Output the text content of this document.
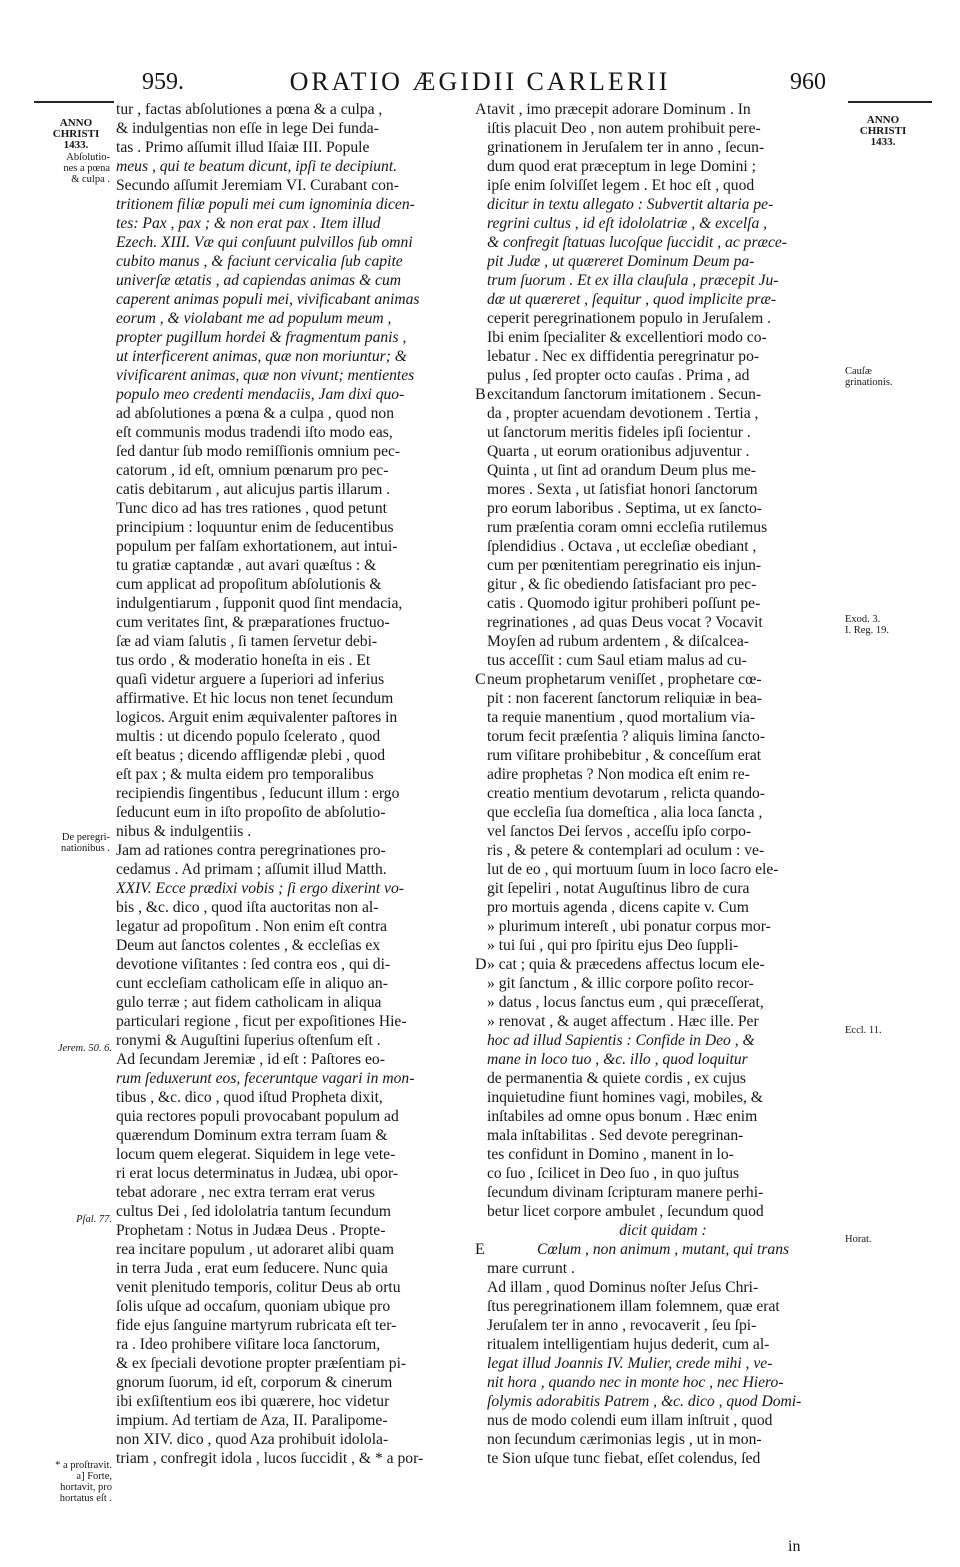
959.	ORATIO ÆGIDII CARLERII	960
tur , factas abſolutiones a pœna & a culpa ,
& indulgentias non eſſe in lege Dei funda-
tas . Primo aſſumit illud Iſaiæ III. Popule
meus , qui te beatum dicunt, ipſi te decipiunt.
Secundo aſſumit Jeremiam VI. Curabant con-
tritionem filiæ populi mei cum ignominia dicen-
tes: Pax , pax ; & non erat pax . Item illud
Ezech. XIII. Væ qui conſuunt pulvillos ſub omni
cubito manus , & faciunt cervicalia ſub capite
univerſæ ætatis , ad capiendas animas & cum
caperent animas populi mei, vivificabant animas
eorum , & violabant me ad populum meum ,
propter pugillum hordei & fragmentum panis ,
ut interficerent animas, quæ non moriuntur; &
vivificarent animas, quæ non vivunt; mentientes
populo meo credenti mendaciis, Jam dixi quo-
ad abſolutiones a pœna & a culpa , quod non
eſt communis modus tradendi iſto modo eas,
ſed dantur ſub modo remiſſionis omnium pec-
catorum , id eſt, omnium pœnarum pro pec-
catis debitarum , aut alicujus partis illarum .
Tunc dico ad has tres rationes , quod petunt
principium : loquuntur enim de ſeducentibus
populum per falſam exhortationem, aut intui-
tu gratiæ captandæ , aut avari quæſtus : &
cum applicat ad propoſitum abſolutionis &
indulgentiarum , ſupponit quod ſint mendacia,
cum veritates ſint, & præparationes fructuo-
ſæ ad viam ſalutis , ſi tamen ſervetur debi-
tus ordo , & moderatio honeſta in eis . Et
quaſi videtur arguere a ſuperiori ad inferius
affirmative. Et hic locus non tenet ſecundum
logicos. Arguit enim æquivalenter paſtores in
multis : ut dicendo populo ſcelerato , quod
eſt beatus ; dicendo affligendæ plebi , quod
eſt pax ; & multa eidem pro temporalibus
recipiendis ſingentibus , ſeducunt illum : ergo
ſeducunt eum in iſto propoſito de abſolutio-
nibus & indulgentiis .
Jam ad rationes contra peregrinationes pro-
cedamus . Ad primam ; aſſumit illud Matth.
XXIV. Ecce prædixi vobis ; ſi ergo dixerint vo-
bis , &c. dico , quod iſta auctoritas non al-
legatur ad propoſitum . Non enim eſt contra
Deum aut ſanctos colentes , & eccleſias ex
devotione viſitantes : ſed contra eos , qui di-
cunt eccleſiam catholicam eſſe in aliquo an-
gulo terræ ; aut fidem catholicam in aliqua
particulari regione , ficut per expoſitiones Hie-
ronymi & Auguſtini ſuperius oſtenſum eſt .
Ad ſecundam Jeremiæ , id eſt : Paſtores eo-
rum ſeduxerunt eos, feceruntque vagari in mon-
tibus , &c. dico , quod iſtud Propheta dixit,
quia rectores populi provocabant populum ad
quærendum Dominum extra terram ſuam &
locum quem elegerat. Siquidem in lege vete-
ri erat locus determinatus in Judæa, ubi opor-
tebat adorare , nec extra terram erat verus
cultus Dei , ſed idololatria tantum ſecundum
Prophetam : Notus in Judæa Deus . Propte-
rea incitare populum , ut adoraret alibi quam
in terra Juda , erat eum ſeducere. Nunc quia
venit plenitudo temporis, colitur Deus ab ortu
ſolis uſque ad occaſum, quoniam ubique pro
fide ejus ſanguine martyrum rubricata eſt ter-
ra . Ideo prohibere viſitare loca ſanctorum,
& ex ſpeciali devotione propter præſentiam pi-
gnorum ſuorum, id eſt, corporum & cinerum
ibi exſiſtentium eos ibi quærere, hoc videtur
impium. Ad tertiam de Aza, II. Paralipome-
non XIV. dico , quod Aza prohibuit idolola-
triam , confregit idola , lucos ſuccidit , & * a por-
tavit , imo præcepit adorare Dominum . In
iſtis placuit Deo , non autem prohibuit pere-
grinationem in Jeruſalem ter in anno , ſecun-
dum quod erat præceptum in lege Domini ;
ipſe enim ſolviſſet legem . Et hoc eſt , quod
dicitur in textu allegato : Subvertit altaria pe-
regrini cultus , id eſt idololatriæ , & excelſa ,
& confregit ſtatuas lucoſque ſuccidit , ac præce-
pit Judæ , ut quæreret Dominum Deum pa-
trum ſuorum . Et ex illa clauſula , præcepit Ju-
dæ ut quæreret , ſequitur , quod implicite præ-
ceperit peregrinationem populo in Jeruſalem .
Ibi enim ſpecialiter & excellentiori modo co-
lebatur . Nec ex diffidentia peregrinatur po-
pulus , ſed propter octo cauſas . Prima , ad
excitandum ſanctorum imitationem . Secun-
da , propter acuendam devotionem . Tertia ,
ut ſanctorum meritis fideles ipſi ſocientur .
Quarta , ut eorum orationibus adjuventur .
Quinta , ut ſint ad orandum Deum plus me-
mores . Sexta , ut ſatisfiat honori ſanctorum
pro eorum laboribus . Septima, ut ex ſancto-
rum præſentia coram omni eccleſia rutilemus
ſplendidius . Octava , ut eccleſiæ obediant ,
cum per pœnitentiam peregrinatio eis injun-
gitur , & ſic obediendo ſatisfaciant pro pec-
catis . Quomodo igitur prohiberi poſſunt pe-
regrinationes , ad quas Deus vocat ? Vocavit
Moyſen ad rubum ardentem , & diſcalcea-
tus acceſſit : cum Saul etiam malus ad cu-
neum prophetarum veniſſet , prophetare cœ-
pit : non facerent ſanctorum reliquiæ in bea-
ta requie manentium , quod mortalium via-
torum fecit præſentia ? aliquis limina ſancto-
rum viſitare prohibebitur , & conceſſum erat
adire prophetas ? Non modica eſt enim re-
creatio mentium devotarum , relicta quando-
que eccleſia ſua domeſtica , alia loca ſancta ,
vel ſanctos Dei ſervos , acceſſu ipſo corpo-
ris , & petere & contemplari ad oculum : ve-
lut de eo , qui mortuum ſuum in loco ſacro ele-
git ſepeliri , notat Auguſtinus libro de cura
pro mortuis agenda , dicens capite v. Cum
» plurimum intereſt , ubi ponatur corpus mor-
» tui ſui , qui pro ſpiritu ejus Deo ſuppli-
» cat ; quia & præcedens affectus locum ele-
» git ſanctum , & illic corpore poſito recor-
» datus , locus ſanctus eum , qui præceſſerat,
» renovat , & auget affectum . Hæc ille. Per
hoc ad illud Sapientis : Confide in Deo , &
mane in loco tuo , &c. illo , quod loquitur
de permanentia & quiete cordis , ex cujus
inquietudine fiunt homines vagi, mobiles, &
inſtabiles ad omne opus bonum . Hæc enim
mala inſtabilitas . Sed devote peregrinan-
tes confidunt in Domino , manent in lo-
co ſuo , ſcilicet in Deo ſuo , in quo juſtus
ſecundum divinam ſcripturam manere perhi-
betur licet corpore ambulet , ſecundum quod
dicit quidam :
Cœlum , non animum , mutant, qui trans
mare currunt .
Ad illam , quod Dominus noſter Jeſus Chri-
ſtus peregrinationem illam folemnem, quæ erat
Jeruſalem ter in anno , revocaverit , ſeu ſpi-
ritualem intelligentiam hujus dederit, cum al-
legat illud Joannis IV. Mulier, crede mihi , ve-
nit hora , quando nec in monte hoc , nec Hiero-
ſolymis adorabitis Patrem , &c. dico , quod Domi-
nus de modo colendi eum illam inſtruit , quod
non ſecundum cærimonias legis , ut in mon-
te Sion uſque tunc fiebat, eſſet colendus, ſed
A
B
C
D
E
ANNO
CHRISTI
1433.
Abſolutio-
nes a pœna
& culpa .
De peregri-
nationibus .
Jerem. 50. 6.
Pſal. 77.
* a proſtravit.
a] Forte,
hortavit, pro
hortatus eſt .
ANNO
CHRISTI
1433.
Cauſæ
grinationis.
Exod. 3.
I. Reg. 19.
Eccl. 11.
Horat.
in
